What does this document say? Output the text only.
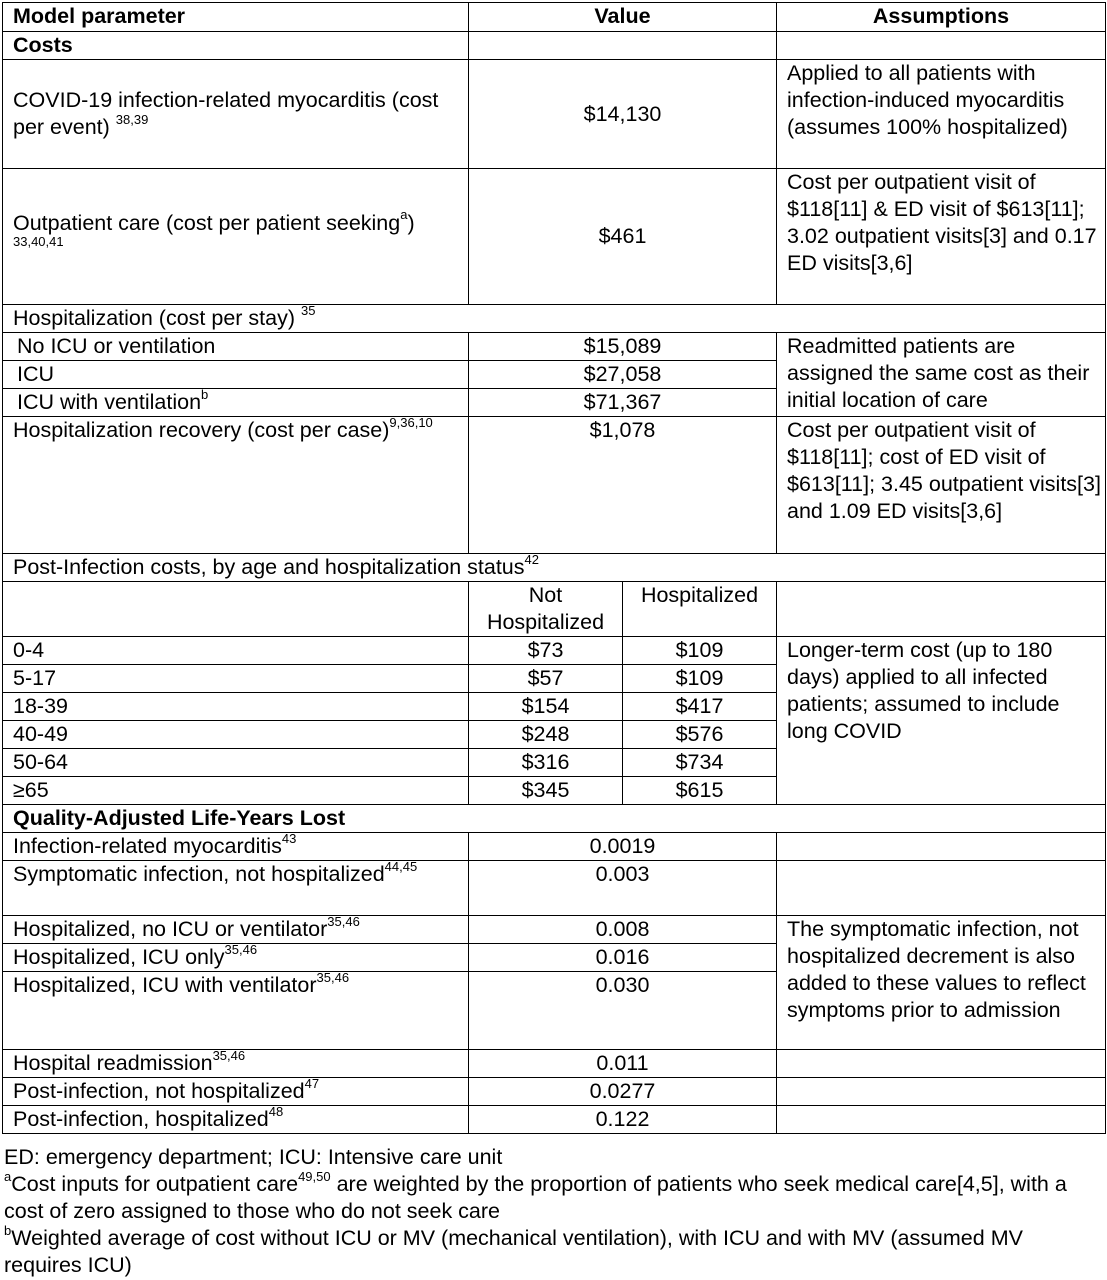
Model parameter	Value		Assumptions
Costs			
COVID-19 infection-related myocarditis (cost per event) $^{38,39}$	$14,130		Applied to all patients with infection-induced myocarditis (assumes 100% hospitalized)
Outpatient care (cost per patient seeking$^a$) $^{33,40,41}$	$461		Cost per outpatient visit of $118[11] & ED visit of $613[11]; 3.02 outpatient visits[3] and 0.17 ED visits[3,6]
Hospitalization (cost per stay) $^{35}$
No ICU or ventilation	$15,089		Readmitted patients are assigned the same cost as their initial location of care
ICU	$27,058		
ICU with ventilation$^b$	$71,367		
Hospitalization recovery (cost per case)$^{9,36,10}$	$1,078		Cost per outpatient visit of $118[11]; cost of ED visit of $613[11]; 3.45 outpatient visits[3] and 1.09 ED visits[3,6]
Post-Infection costs, by age and hospitalization status$^{42}$
	Not Hospitalized	Hospitalized	
0-4	$73	$109	Longer-term cost (up to 180 days) applied to all infected patients; assumed to include long COVID
5-17	$57	$109	
18-39	$154	$417	
40-49	$248	$576	
50-64	$316	$734	
≥65	$345	$615	
Quality-Adjusted Life-Years Lost			
Infection-related myocarditis$^{43}$	0.0019		
Symptomatic infection, not hospitalized$^{44,45}$	0.003		
Hospitalized, no ICU or ventilator$^{35,46}$	0.008		The symptomatic infection, not hospitalized decrement is also added to these values to reflect symptoms prior to admission
Hospitalized, ICU only$^{35,46}$	0.016		
Hospitalized, ICU with ventilator$^{35,46}$	0.030		
Hospital readmission$^{35,46}$	0.011		
Post-infection, not hospitalized$^{47}$	0.0277		
Post-infection, hospitalized$^{48}$	0.122		

ED: emergency department; ICU: Intensive care unit

$^a$Cost inputs for outpatient care$^{49,50}$ are weighted by the proportion of patients who seek medical care[4,5], with a cost of zero assigned to those who do not seek care

$^b$Weighted average of cost without ICU or MV (mechanical ventilation), with ICU and with MV (assumed MV requires ICU)
